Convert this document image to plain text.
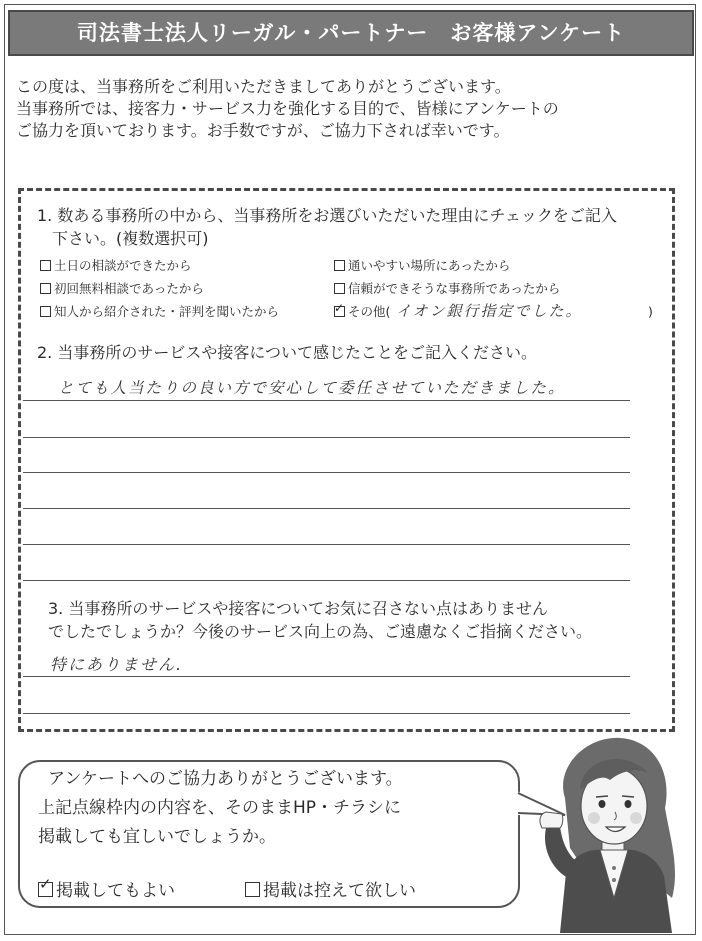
司法書士法人リーガル・パートナー　お客様アンケート
この度は、当事務所をご利用いただきましてありがとうございます。
当事務所では、接客力・サービス力を強化する目的で、皆様にアンケートの
ご協力を頂いております。お手数ですが、ご協力下されば幸いです。
1. 数ある事務所の中から、当事務所をお選びいただいた理由にチェックをご記入
下さい。(複数選択可)
土日の相談ができたから	通いやすい場所にあったから
初回無料相談であったから	信頼ができそうな事務所であったから
知人から紹介された・評判を聞いたから	✓ その他( イオン銀行指定でした。	)
2. 当事務所のサービスや接客について感じたことをご記入ください。
とても人当たりの良い方で安心して委任させていただきました。
3. 当事務所のサービスや接客についてお気に召さない点はありません
でしたでしょうか？今後のサービス向上の為、ご遠慮なくご指摘ください。
特にありません.
アンケートへのご協力ありがとうございます。
上記点線枠内の内容を、そのままHP・チラシに
掲載しても宜しいでしょうか。
✓ 掲載してもよい	掲載は控えて欲しい
